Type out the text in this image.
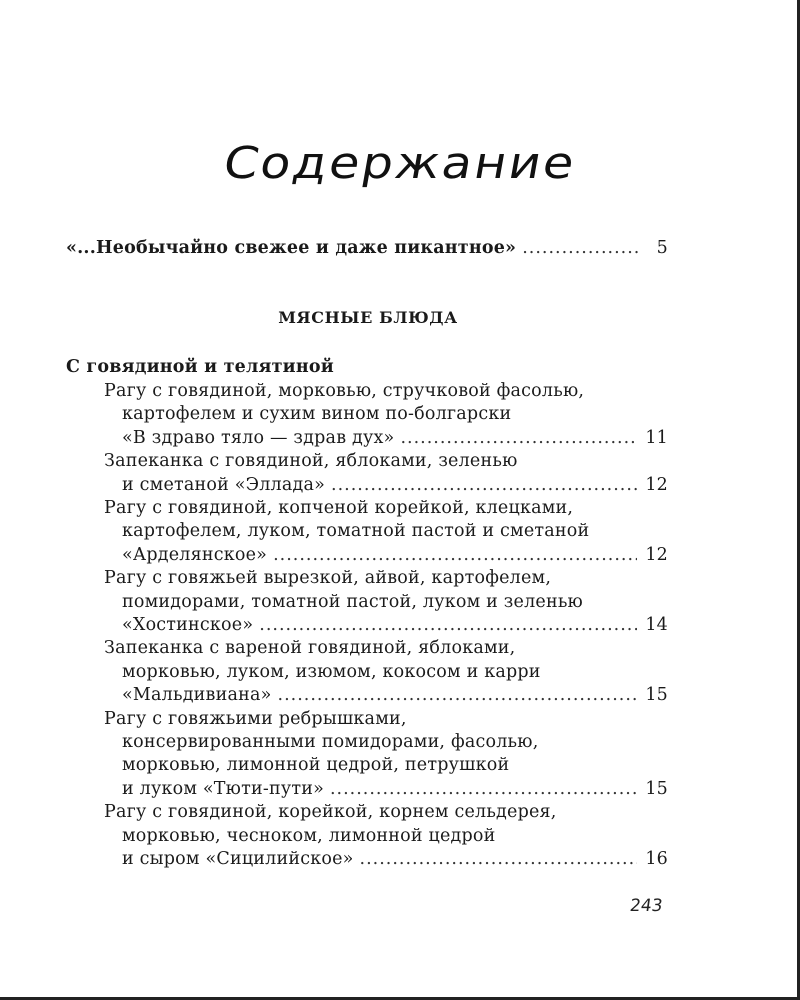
Содержание
«...Необычайно свежее и даже пикантное» .....	5
МЯСНЫЕ БЛЮДА
С говядиной и телятиной
Рагу с говядиной, морковью, стручковой фасолью,
картофелем и сухим вином по-болгарски
«В здраво тяло — здрав дух» .....	11
Запеканка с говядиной, яблоками, зеленью
и сметаной «Эллада» .....	12
Рагу с говядиной, копченой корейкой, клецками,
картофелем, луком, томатной пастой и сметаной
«Арделянское» .....	12
Рагу с говяжьей вырезкой, айвой, картофелем,
помидорами, томатной пастой, луком и зеленью
«Хостинское» .....	14
Запеканка с вареной говядиной, яблоками,
морковью, луком, изюмом, кокосом и карри
«Мальдивиана» .....	15
Рагу с говяжьими ребрышками,
консервированными помидорами, фасолью,
морковью, лимонной цедрой, петрушкой
и луком «Тюти-пути» .....	15
Рагу с говядиной, корейкой, корнем сельдерея,
морковью, чесноком, лимонной цедрой
и сыром «Сицилийское» .....	16
243
